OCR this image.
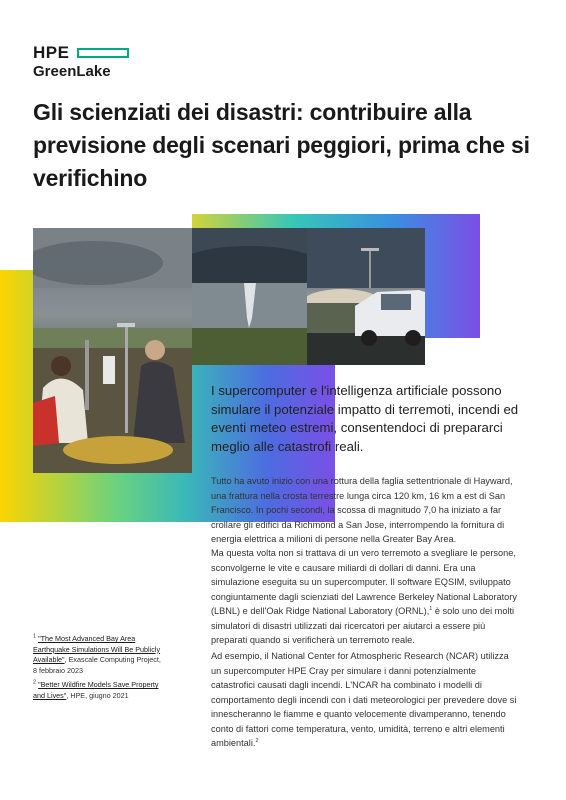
HPE
GreenLake
Gli scienziati dei disastri: contribuire alla previsione degli scenari peggiori, prima che si verifichino

I supercomputer e l'intelligenza artificiale possono simulare il potenziale impatto di terremoti, incendi ed eventi meteo estremi, consentendoci di prepararci meglio alle catastrofi reali.

Tutto ha avuto inizio con una rottura della faglia settentrionale di Hayward, una frattura nella crosta terrestre lunga circa 120 km, 16 km a est di San Francisco. In pochi secondi, la scossa di magnitudo 7,0 ha iniziato a far crollare gli edifici da Richmond a San Jose, interrompendo la fornitura di energia elettrica a milioni di persone nella Greater Bay Area.

Ma questa volta non si trattava di un vero terremoto a svegliare le persone, sconvolgerne le vite e causare miliardi di dollari di danni. Era una simulazione eseguita su un supercomputer. Il software EQSIM, sviluppato congiuntamente dagli scienziati del Lawrence Berkeley National Laboratory (LBNL) e dell'Oak Ridge National Laboratory (ORNL),$^1$ è solo uno dei molti simulatori di disastri utilizzati dai ricercatori per aiutarci a essere più preparati quando si verificherà un terremoto reale.

Ad esempio, il National Center for Atmospheric Research (NCAR) utilizza un supercomputer HPE Cray per simulare i danni potenzialmente catastrofici causati dagli incendi. L'NCAR ha combinato i modelli di comportamento degli incendi con i dati meteorologici per prevedere dove si innescheranno le fiamme e quanto velocemente divamperanno, tenendo conto di fattori come temperatura, vento, umidità, terreno e altri elementi ambientali.$^2$

$^1$ "The Most Advanced Bay Area Earthquake Simulations Will Be Publicly Available", Exascale Computing Project, 8 febbraio 2023

$^2$ "Better Wildfire Models Save Property and Lives", HPE, giugno 2021
